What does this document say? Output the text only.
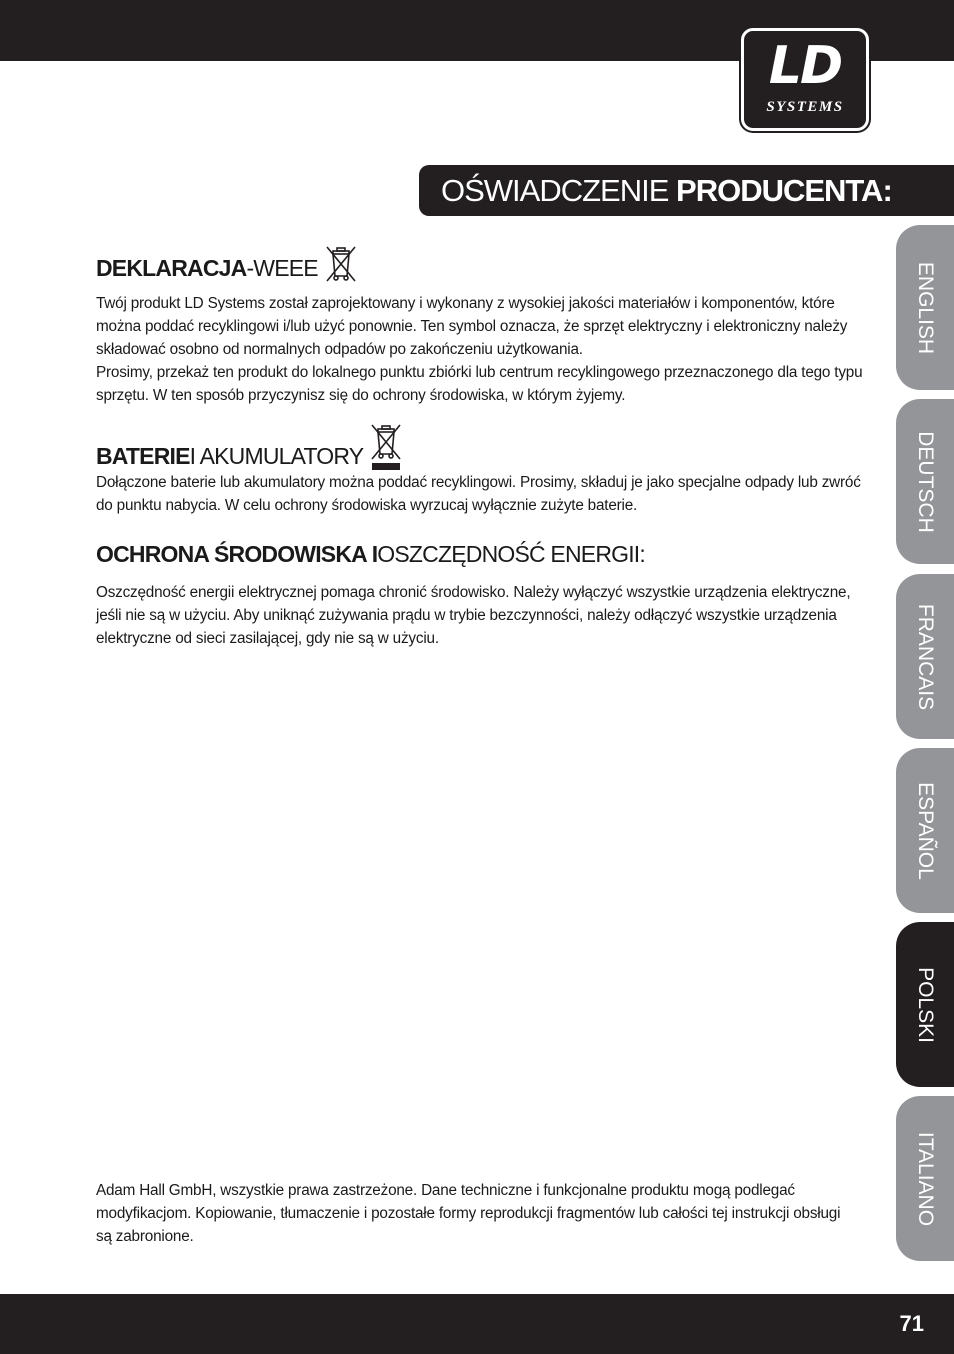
LD
SYSTEMS
OŚWIADCZENIE PRODUCENTA:
DEKLARACJA -WEEE

Twój produkt LD Systems został zaprojektowany i wykonany z wysokiej jakości materiałów i komponentów, które można poddać recyklingowi i/lub użyć ponownie. Ten symbol oznacza, że sprzęt elektryczny i elektroniczny należy składować osobno od normalnych odpadów po zakończeniu użytkowania.

Prosimy, przekaż ten produkt do lokalnego punktu zbiórki lub centrum recyklingowego przeznaczonego dla tego typu sprzętu. W ten sposób przyczynisz się do ochrony środowiska, w którym żyjemy.

BATERIE I AKUMULATORY

Dołączone baterie lub akumulatory można poddać recyklingowi. Prosimy, składuj je jako specjalne odpady lub zwróć do punktu nabycia. W celu ochrony środowiska wyrzucaj wyłącznie zużyte baterie.

OCHRONA ŚRODOWISKA I OSZCZĘDNOŚĆ ENERGII:

Oszczędność energii elektrycznej pomaga chronić środowisko. Należy wyłączyć wszystkie urządzenia elektryczne, jeśli nie są w użyciu. Aby uniknąć zużywania prądu w trybie bezczynności, należy odłączyć wszystkie urządzenia elektryczne od sieci zasilającej, gdy nie są w użyciu.

Adam Hall GmbH, wszystkie prawa zastrzeżone. Dane techniczne i funkcjonalne produktu mogą podlegać modyfikacjom. Kopiowanie, tłumaczenie i pozostałe formy reprodukcji fragmentów lub całości tej instrukcji obsługi są zabronione.

ENGLISH
DEUTSCH
FRANCAIS
ESPAÑOL
POLSKI
ITALIANO
71
